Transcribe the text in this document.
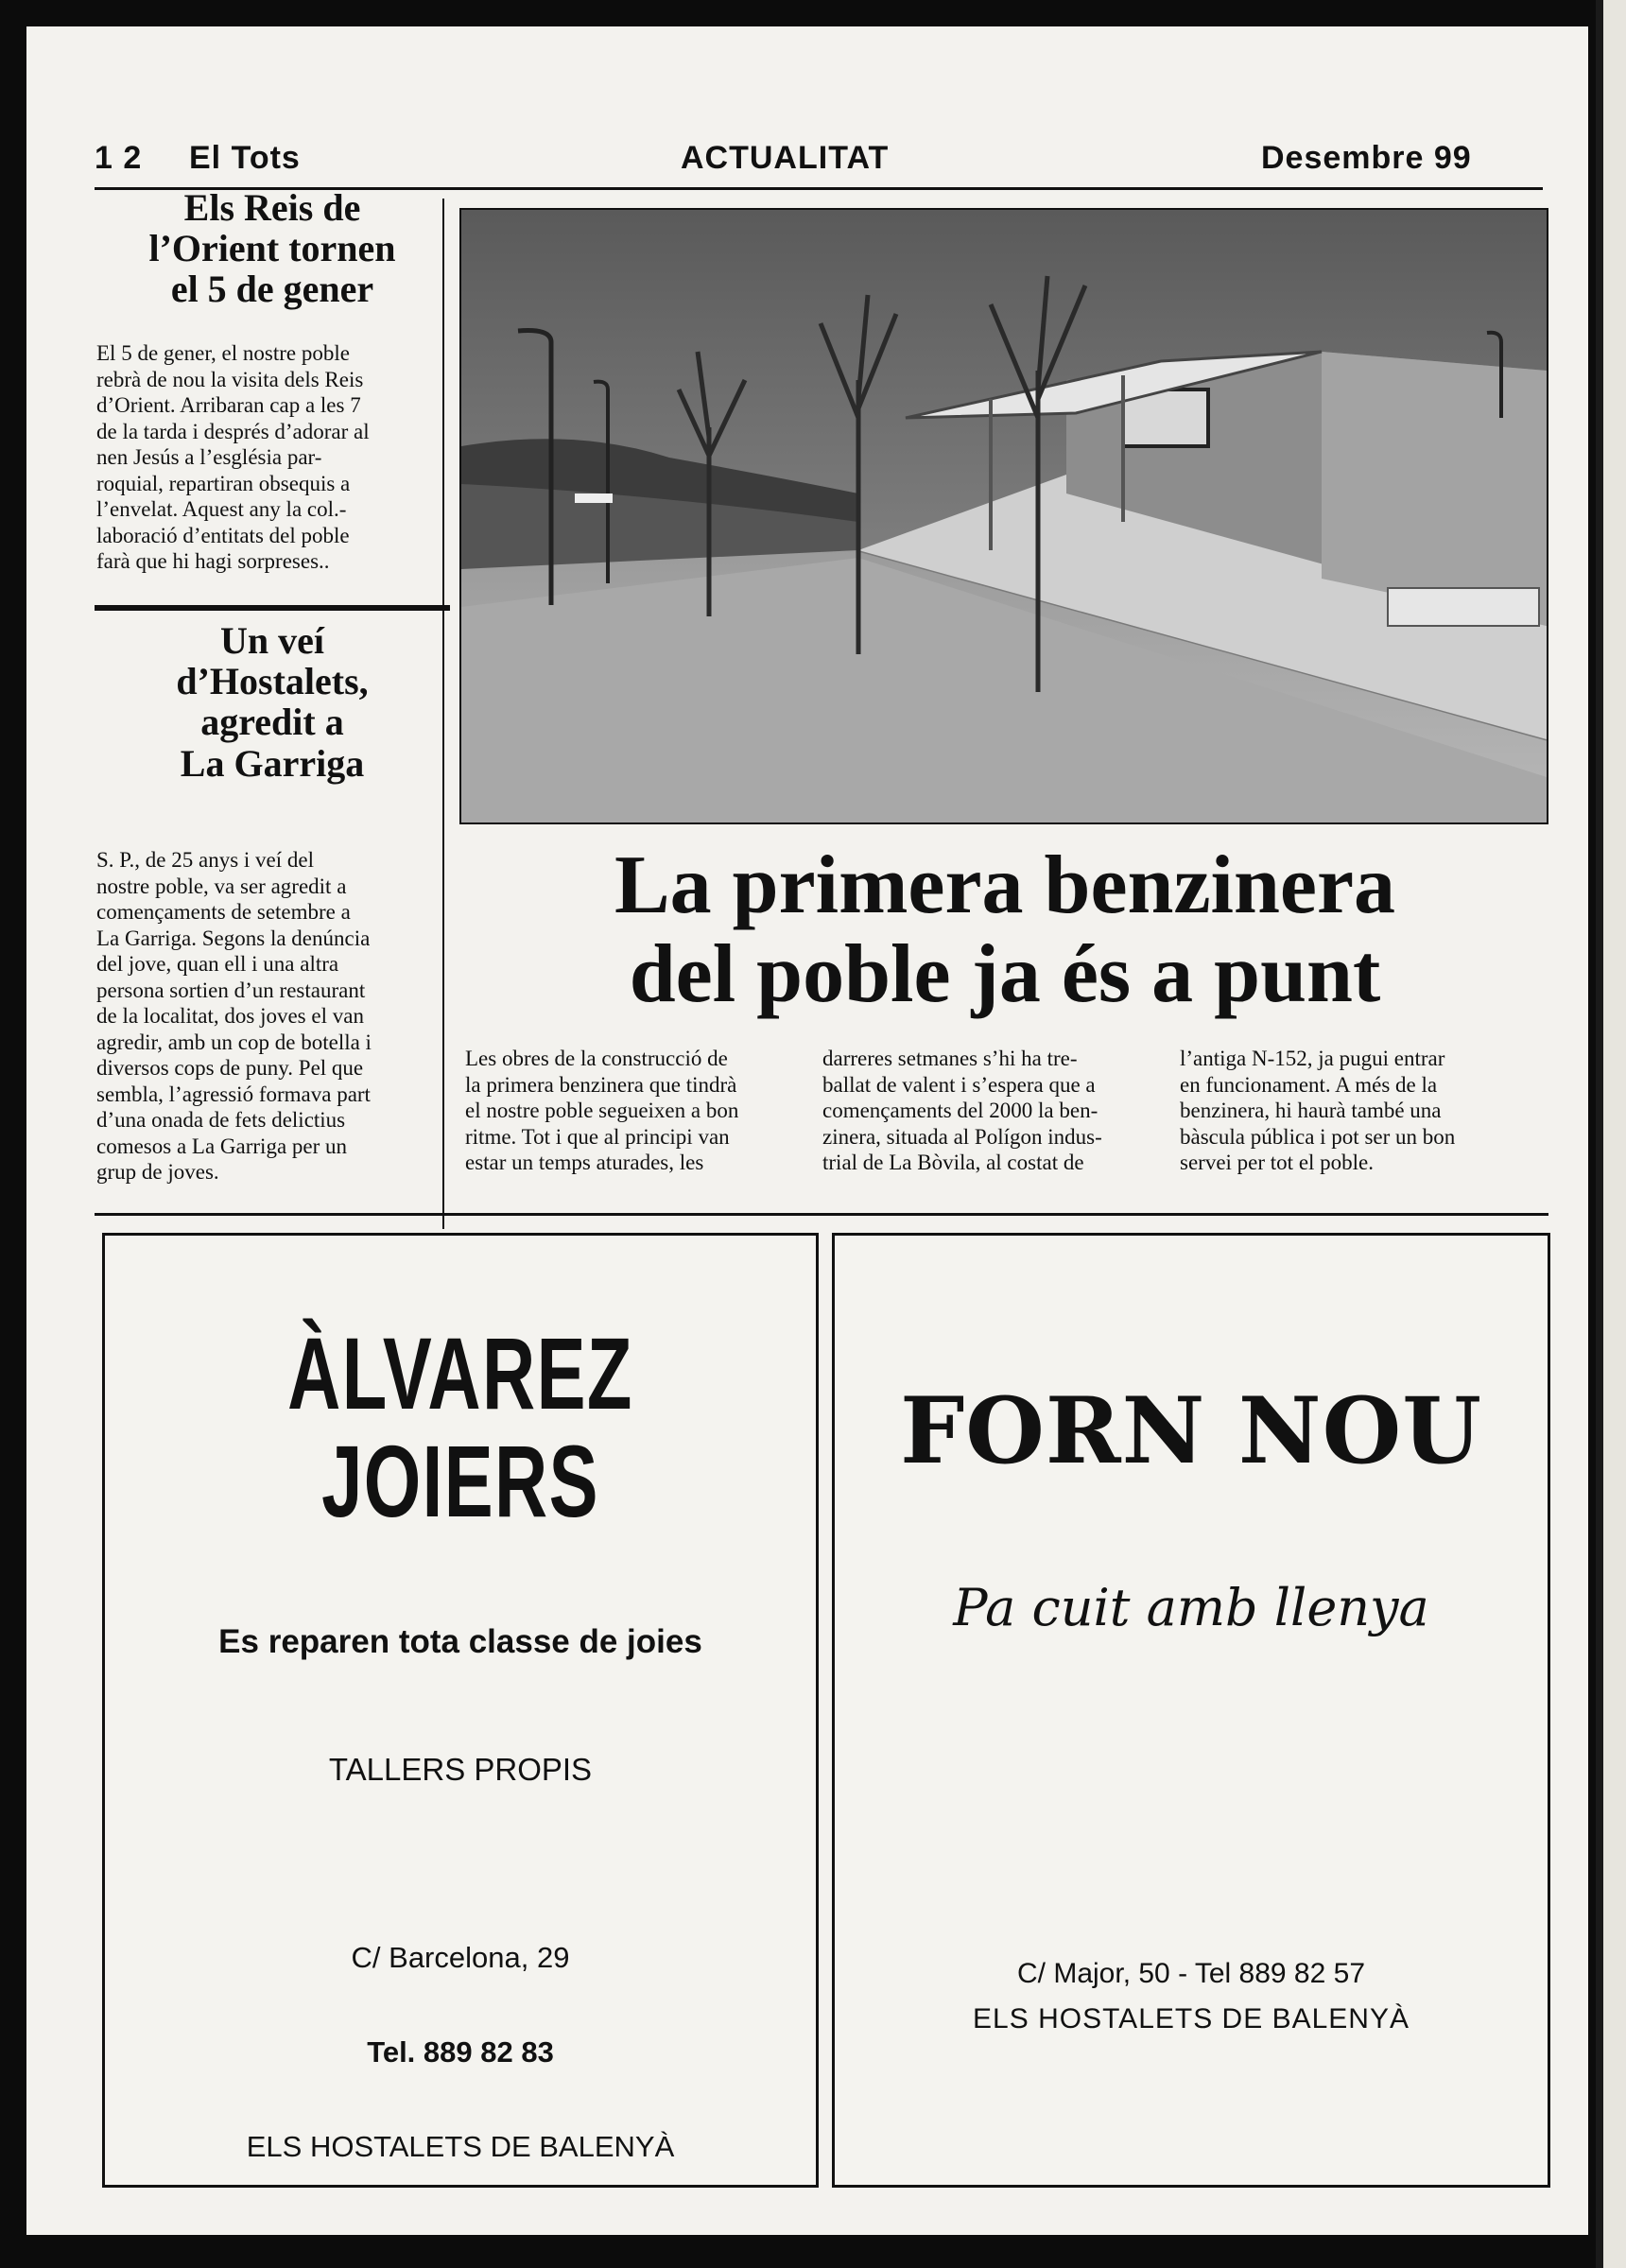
1 2 El Tots	ACTUALITAT	Desembre 99
Els Reis de
l’Orient tornen
el 5 de gener
El 5 de gener, el nostre poble
rebrà de nou la visita dels Reis
d’Orient. Arribaran cap a les 7
de la tarda i després d’adorar al
nen Jesús a l’església par-
roquial, repartiran obsequis a
l’envelat. Aquest any la col.-
laboració d’entitats del poble
farà que hi hagi sorpreses..
Un veí
d’Hostalets,
agredit a
La Garriga
S. P., de 25 anys i veí del
nostre poble, va ser agredit a
començaments de setembre a
La Garriga. Segons la denúncia
del jove, quan ell i una altra
persona sortien d’un restaurant
de la localitat, dos joves el van
agredir, amb un cop de botella i
diversos cops de puny. Pel que
sembla, l’agressió formava part
d’una onada de fets delictius
comesos a La Garriga per un
grup de joves.
La primera benzinera
del poble ja és a punt
Les obres de la construcció de
la primera benzinera que tindrà
el nostre poble segueixen a bon
ritme. Tot i que al principi van
estar un temps aturades, les
darreres setmanes s’hi ha tre-
ballat de valent i s’espera que a
començaments del 2000 la ben-
zinera, situada al Polígon indus-
trial de La Bòvila, al costat de
l’antiga N-152, ja pugui entrar
en funcionament. A més de la
benzinera, hi haurà també una
bàscula pública i pot ser un bon
servei per tot el poble.
ÀLVAREZ
JOIERS
Es reparen tota classe de joies
TALLERS PROPIS
C/ Barcelona, 29
Tel. 889 82 83
ELS HOSTALETS DE BALENYÀ
FORN NOU
Pa cuit amb llenya
C/ Major, 50 - Tel 889 82 57
ELS HOSTALETS DE BALENYÀ
